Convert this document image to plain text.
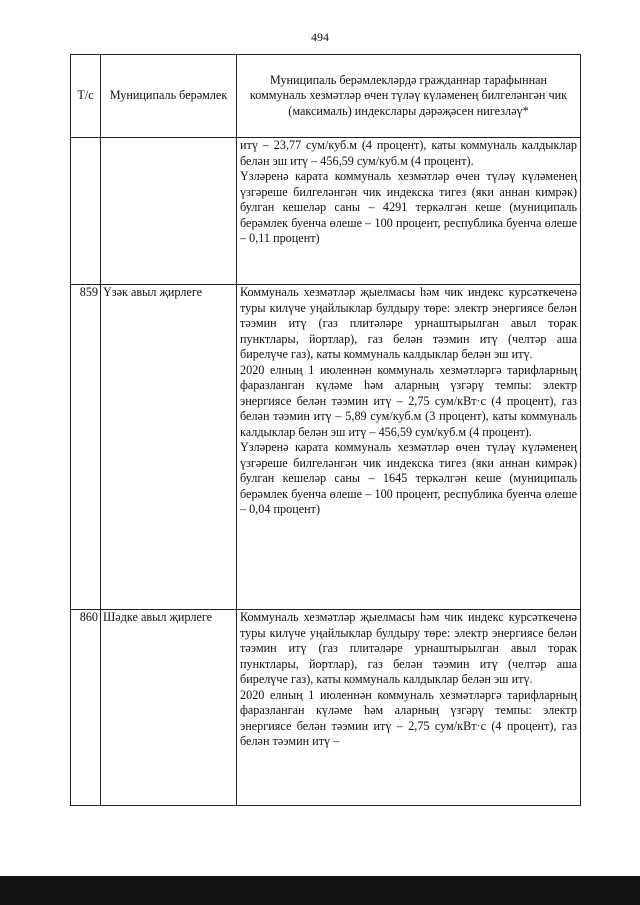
494
Т/с	Муниципаль берәмлек	Муниципаль берәмлекләрдә гражданнар тарафыннан коммуналь хезмәтләр өчен түләү күләменең билгеләнгән чик (максималь) индекслары дәрәҗәсен нигезләү*

		итү – 23,77 сум/куб.м (4 процент), каты коммуналь калдыклар белән эш итү – 456,59 сум/куб.м (4 процент).

Үзләренә карата коммуналь хезмәтләр өчен түләү күләменең үзгәреше билгеләнгән чик индекска тигез (яки аннан кимрәк) булган кешеләр саны – 4291 теркәлгән кеше (муниципаль берәмлек буенча өлеше – 100 процент, республика буенча өлеше – 0,11 процент)

859	Үзәк авыл җирлеге	Коммуналь хезмәтләр җыелмасы һәм чик индекс курсәткеченә туры килүче уңайлыклар булдыру төре: электр энергиясе белән тәэмин итү (газ плитәләре урнаштырылган авыл торак пунктлары, йортлар), газ белән тәэмин итү (челтәр аша бирелүче газ), каты коммуналь калдыклар белән эш итү.

2020 елның 1 июленнән коммуналь хезмәтләргә тарифларның фаразланган күләме һәм аларның үзгәрү темпы: электр энергиясе белән тәэмин итү – 2,75 сум/кВт·с (4 процент), газ белән тәэмин итү – 5,89 сум/куб.м (3 процент), каты коммуналь калдыклар белән эш итү – 456,59 сум/куб.м (4 процент).

Үзләренә карата коммуналь хезмәтләр өчен түләү күләменең үзгәреше билгеләнгән чик индекска тигез (яки аннан кимрәк) булган кешеләр саны – 1645 теркәлгән кеше (муниципаль берәмлек буенча өлеше – 100 процент, республика буенча өлеше – 0,04 процент)

860	Шәдке авыл җирлеге	Коммуналь хезмәтләр җыелмасы һәм чик индекс курсәткеченә туры килүче уңайлыклар булдыру төре: электр энергиясе белән тәэмин итү (газ плитәләре урнаштырылган авыл торак пунктлары, йортлар), газ белән тәэмин итү (челтәр аша бирелүче газ), каты коммуналь калдыклар белән эш итү.

2020 елның 1 июленнән коммуналь хезмәтләргә тарифларның фаразланган күләме һәм аларның үзгәрү темпы: электр энергиясе белән тәэмин итү – 2,75 сум/кВт·с (4 процент), газ белән тәэмин итү –
